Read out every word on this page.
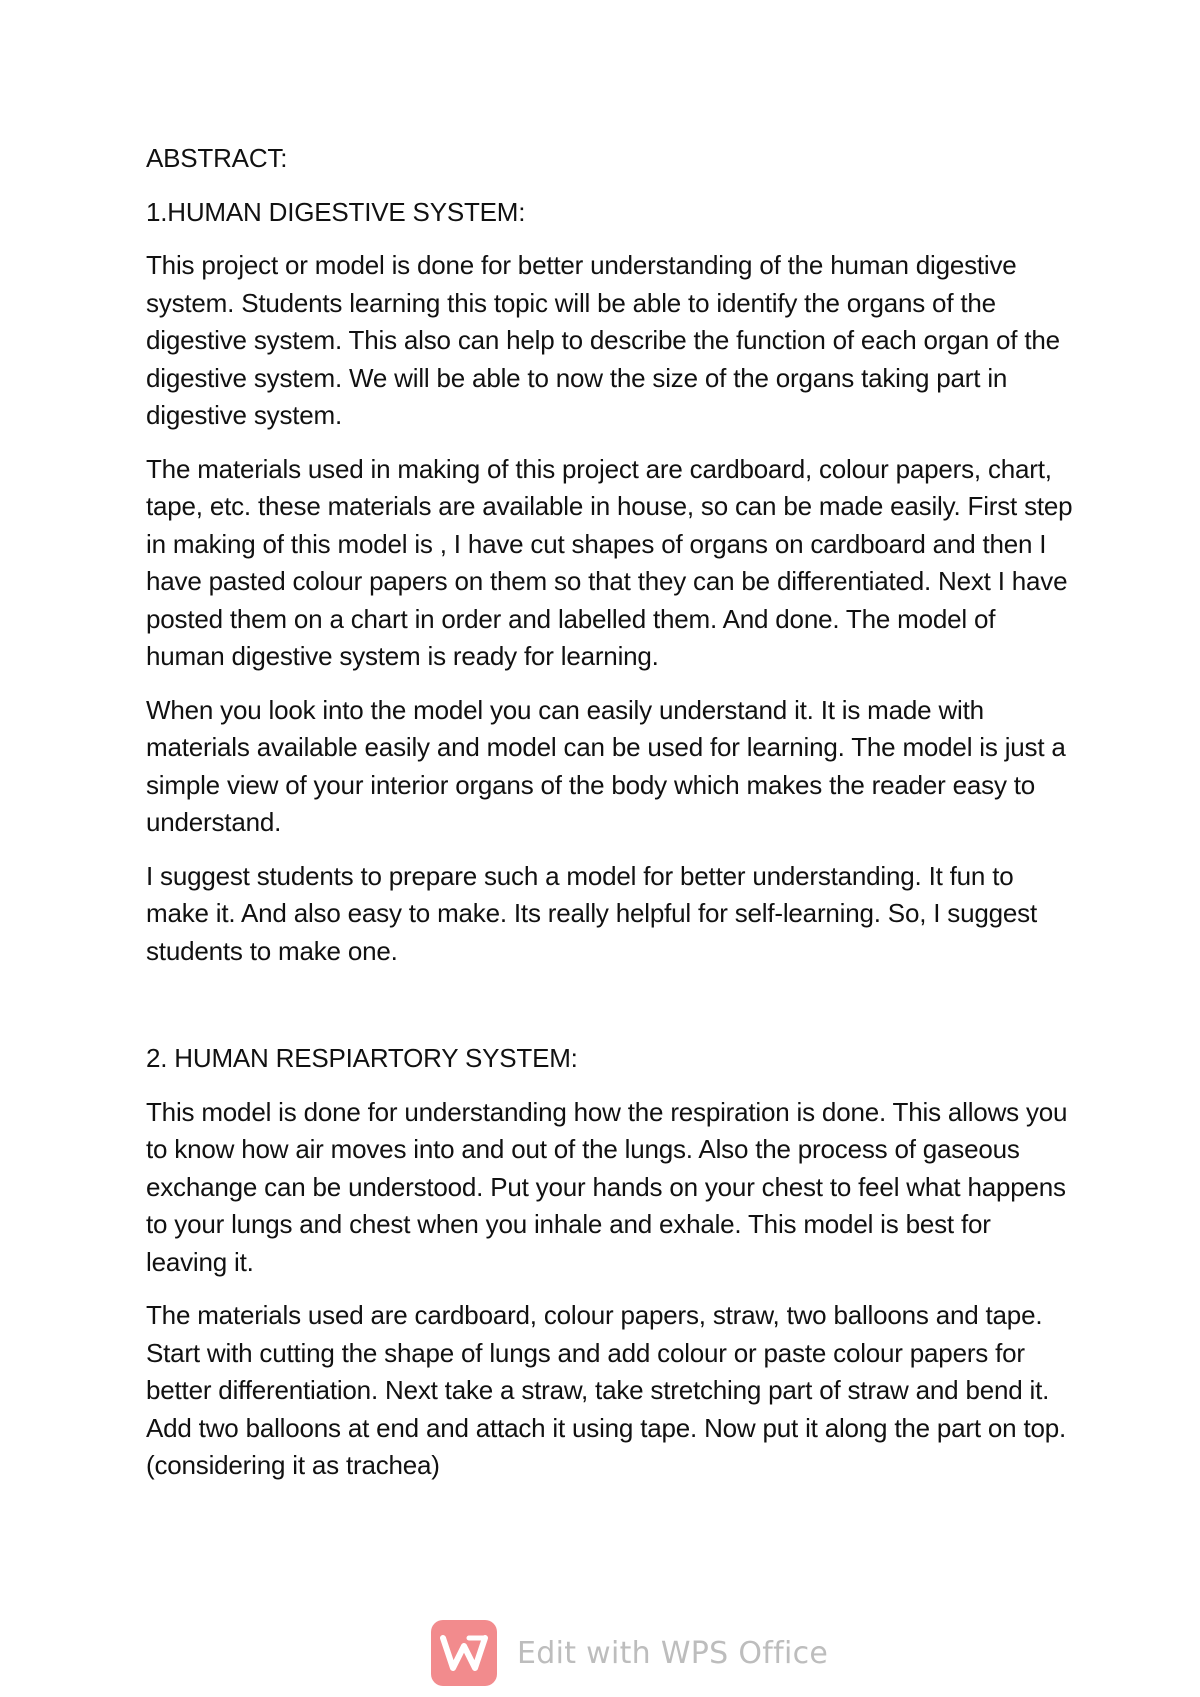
ABSTRACT:

1.HUMAN DIGESTIVE SYSTEM:

This project or model is done for better understanding of the human digestive system. Students learning this topic will be able to identify the organs of the digestive system. This also can help to describe the function of each organ of the digestive system. We will be able to now the size of the organs taking part in digestive system.

The materials used in making of this project are cardboard, colour papers, chart, tape, etc. these materials are available in house, so can be made easily. First step in making of this model is , I have cut shapes of organs on cardboard and then I have pasted colour papers on them so that they can be differentiated. Next I have posted them on a chart in order and labelled them. And done. The model of human digestive system is ready for learning.

When you look into the model you can easily understand it. It is made with materials available easily and model can be used for learning. The model is just a simple view of your interior organs of the body which makes the reader easy to understand.

I suggest students to prepare such a model for better understanding. It fun to make it. And also easy to make. Its really helpful for self-learning. So, I suggest students to make one.

2. HUMAN RESPIARTORY SYSTEM:

This model is done for understanding how the respiration is done. This allows you to know how air moves into and out of the lungs. Also the process of gaseous exchange can be understood. Put your hands on your chest to feel what happens to your lungs and chest when you inhale and exhale. This model is best for leaving it.

The materials used are cardboard, colour papers, straw, two balloons and tape. Start with cutting the shape of lungs and add colour or paste colour papers for better differentiation. Next take a straw, take stretching part of straw and bend it. Add two balloons at end and attach it using tape. Now put it along the part on top. (considering it as trachea)

Edit with WPS Office
